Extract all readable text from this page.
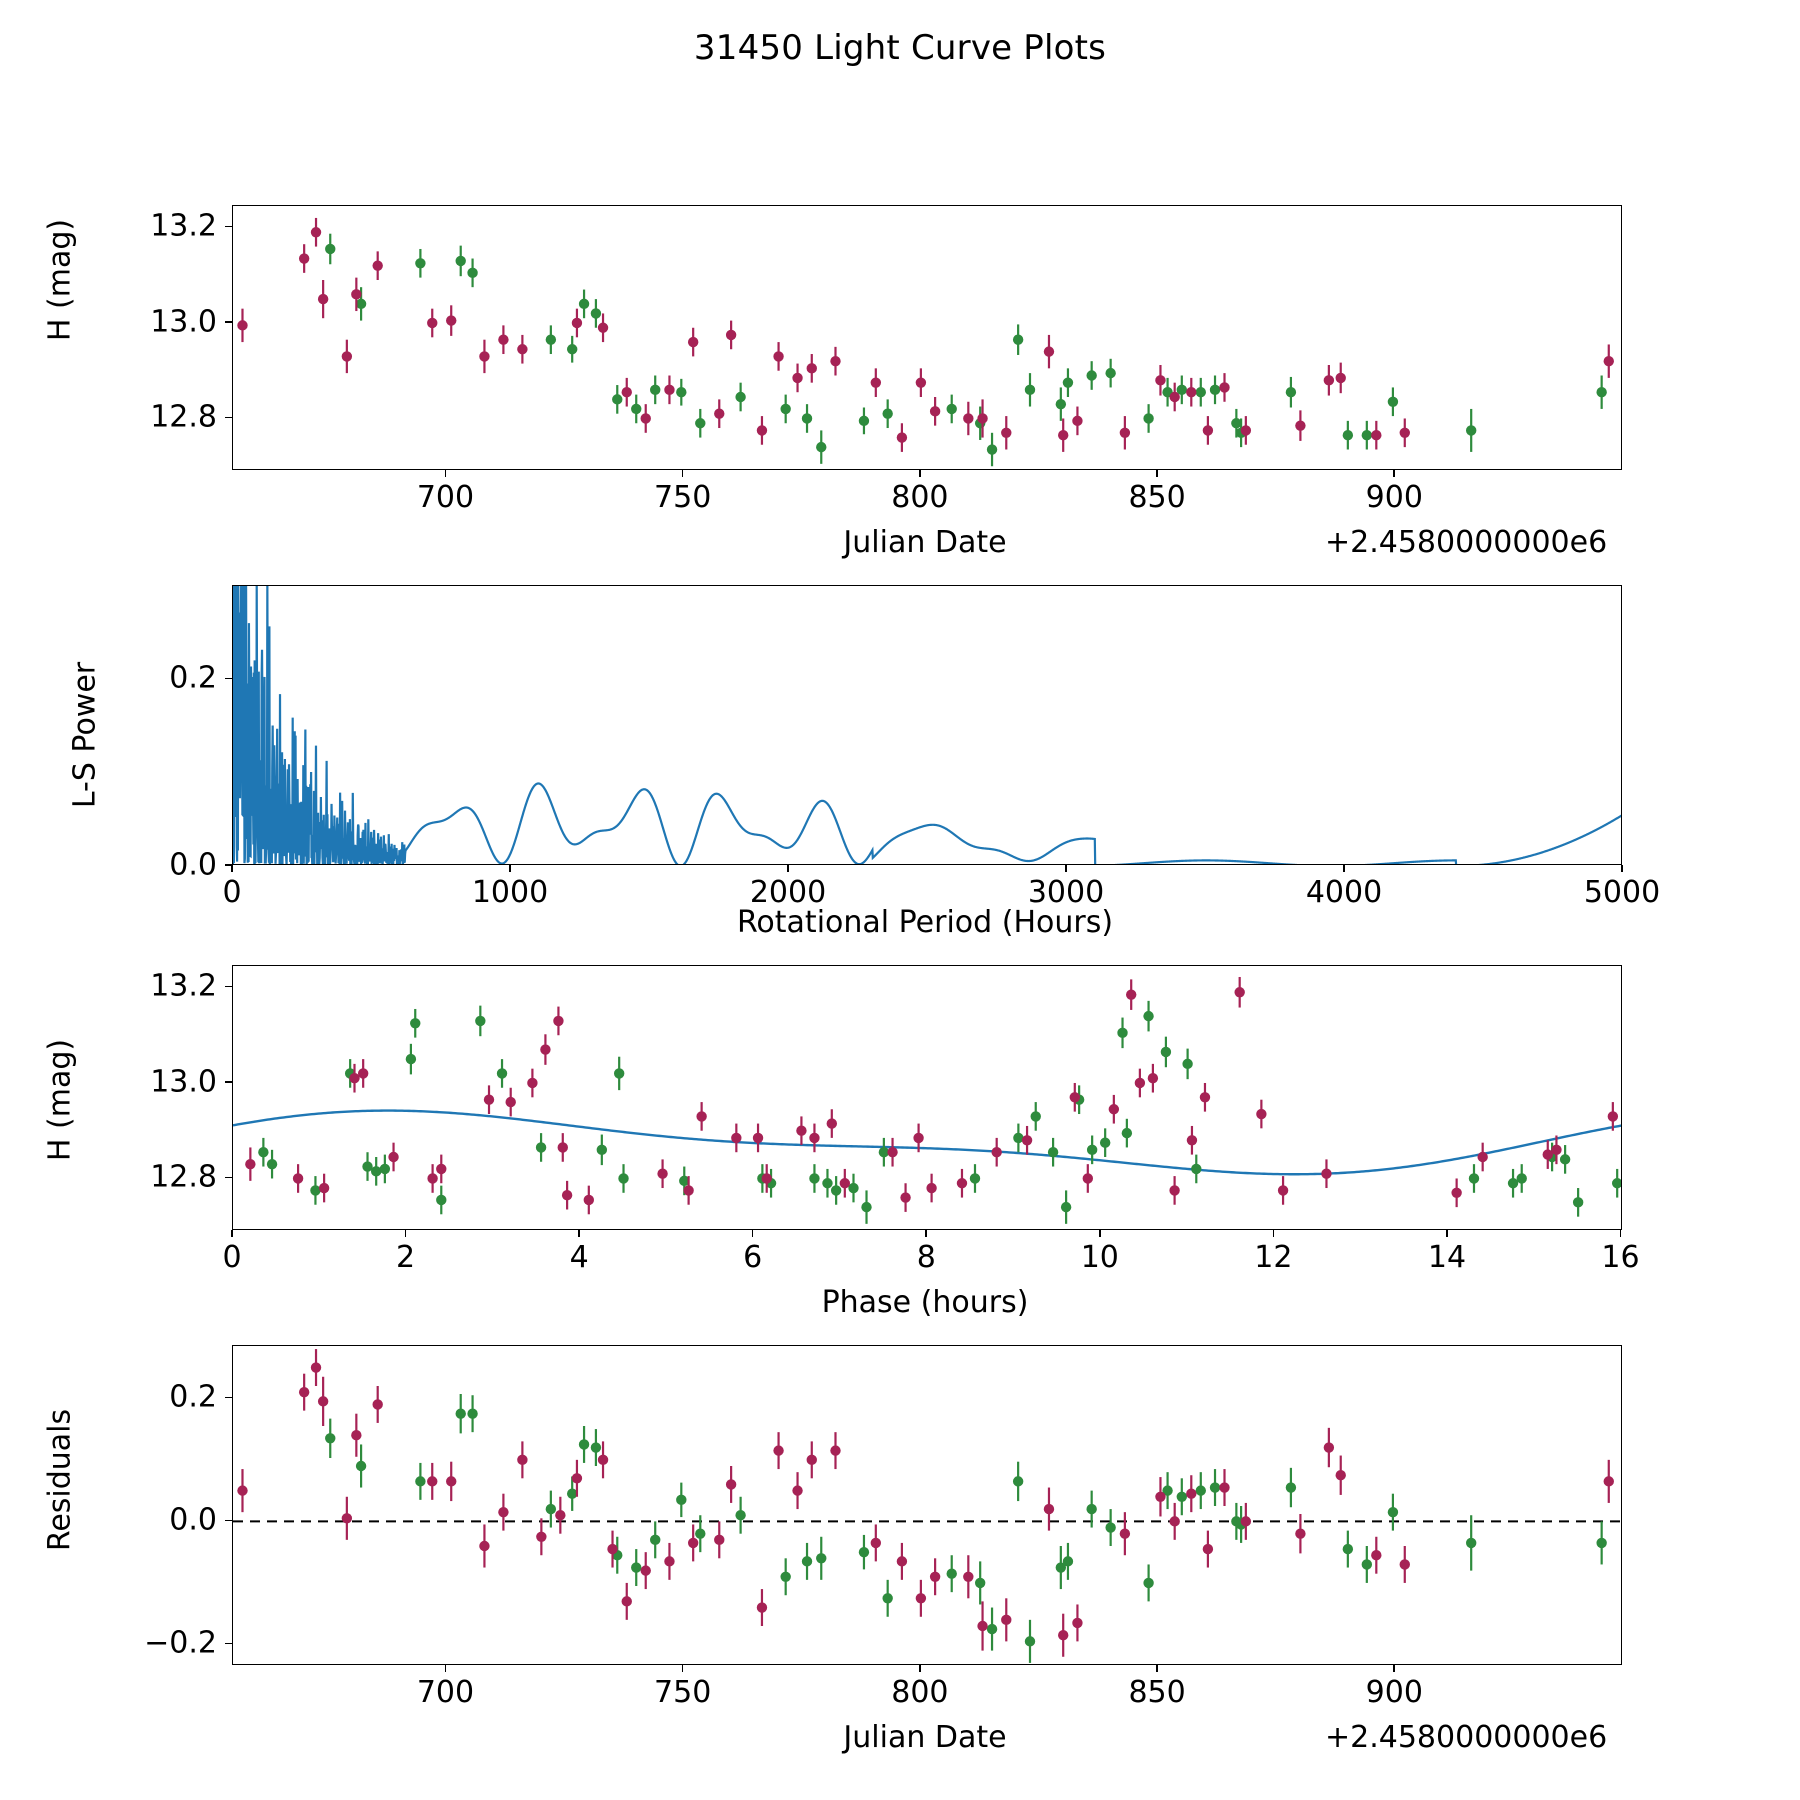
31450 Light Curve Plots
H (mag)
Julian Date	+2.4580000000e6
L-S Power
Rotational Period (Hours)
H (mag)
Phase (hours)
Residuals
Julian Date	+2.4580000000e6
700	750	800	850	900
12.8
13.0
13.2
0	1000	2000	3000	4000	5000
0.0
0.2
0	2	4	6	8	10	12	14	16
12.8
13.0
13.2
700	750	800	850	900
−0.2
0.0
0.2
